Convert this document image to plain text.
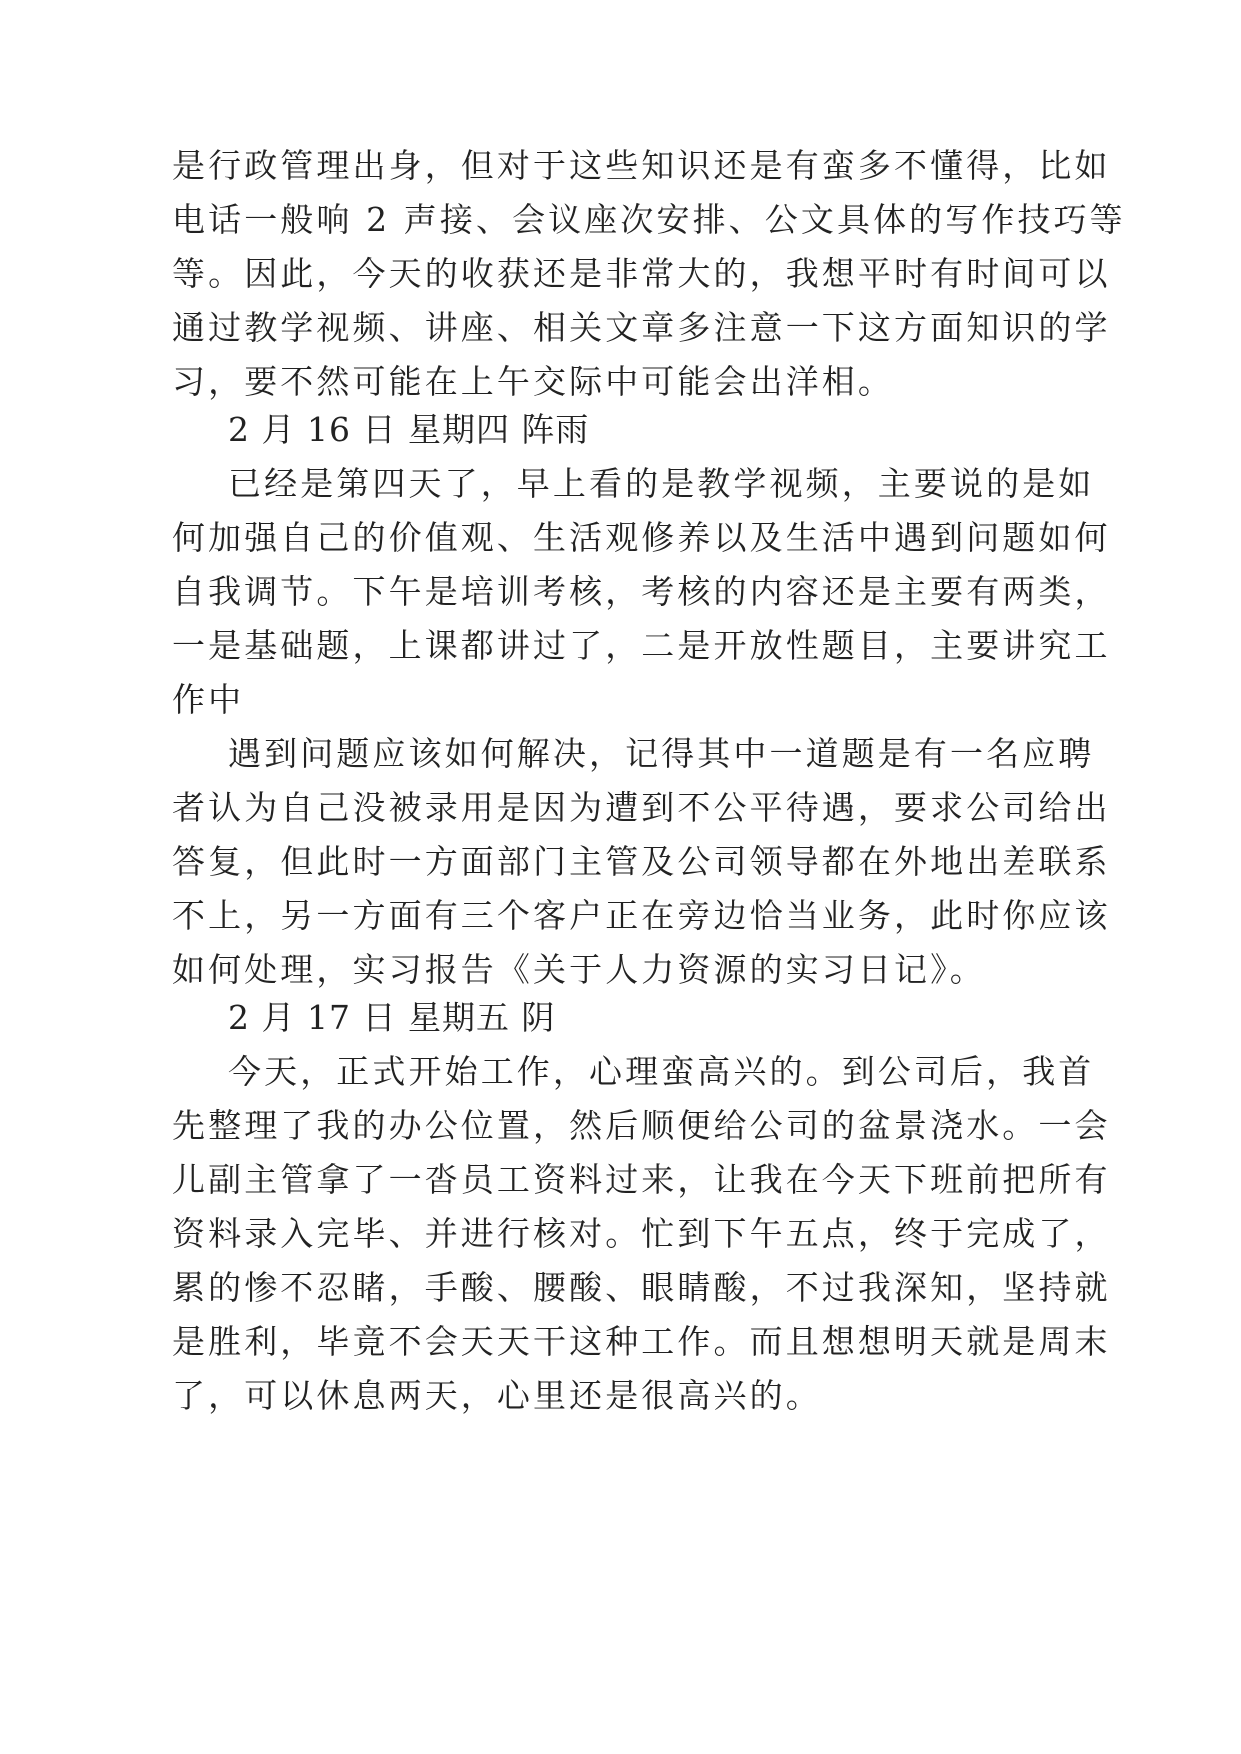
是行政管理出身，但对于这些知识还是有蛮多不懂得，比如
电话一般响 2 声接、会议座次安排、公文具体的写作技巧等
等。因此，今天的收获还是非常大的，我想平时有时间可以
通过教学视频、讲座、相关文章多注意一下这方面知识的学
习，要不然可能在上午交际中可能会出洋相。
2 月 16 日 星期四 阵雨
已经是第四天了，早上看的是教学视频，主要说的是如
何加强自己的价值观、生活观修养以及生活中遇到问题如何
自我调节。下午是培训考核，考核的内容还是主要有两类，
一是基础题，上课都讲过了，二是开放性题目，主要讲究工
作中
遇到问题应该如何解决，记得其中一道题是有一名应聘
者认为自己没被录用是因为遭到不公平待遇，要求公司给出
答复，但此时一方面部门主管及公司领导都在外地出差联系
不上，另一方面有三个客户正在旁边恰当业务，此时你应该
如何处理，实习报告《关于人力资源的实习日记》。
2 月 17 日 星期五 阴
今天，正式开始工作，心理蛮高兴的。到公司后，我首
先整理了我的办公位置，然后顺便给公司的盆景浇水。一会
儿副主管拿了一沓员工资料过来，让我在今天下班前把所有
资料录入完毕、并进行核对。忙到下午五点，终于完成了，
累的惨不忍睹，手酸、腰酸、眼睛酸，不过我深知，坚持就
是胜利，毕竟不会天天干这种工作。而且想想明天就是周末
了，可以休息两天，心里还是很高兴的。
